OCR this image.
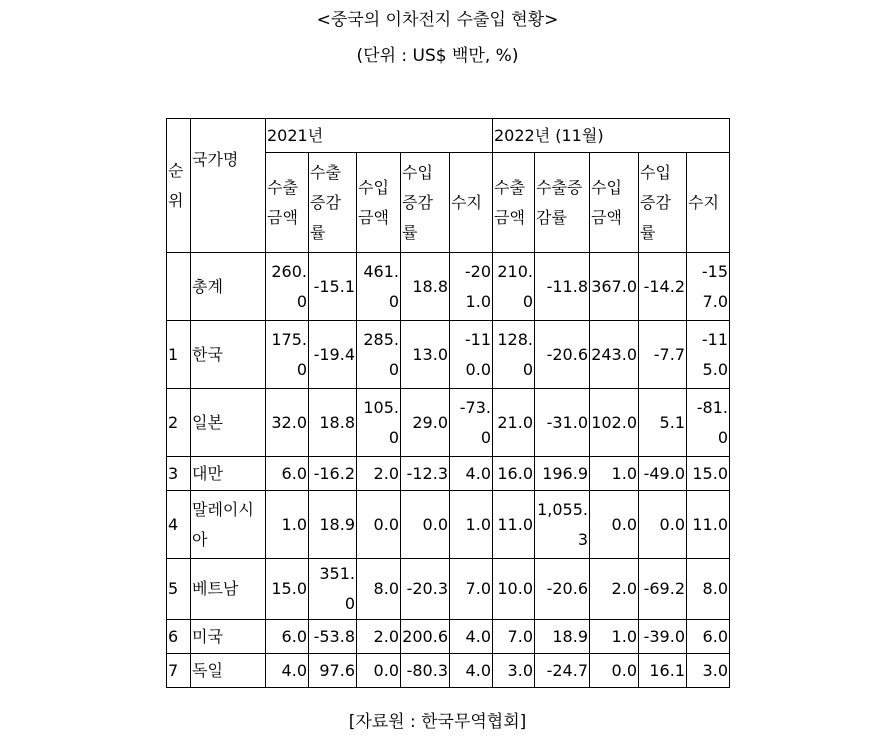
<중국의 이차전지 수출입 현황>
(단위 : US$ 백만, %)
순위	국가명	2021년					2022년 (11월)				
		수출금액	수출증감률	수입금액	수입증감률	수지	수출금액	수출증감률	수입금액	수입증감률	수지
	총계	260.0	-15.1	461.0	18.8	-201.0	210.0	-11.8	367.0	-14.2	-157.0
1	한국	175.0	-19.4	285.0	13.0	-110.0	128.0	-20.6	243.0	-7.7	-115.0
2	일본	32.0	18.8	105.0	29.0	-73.0	21.0	-31.0	102.0	5.1	-81.0
3	대만	6.0	-16.2	2.0	-12.3	4.0	16.0	196.9	1.0	-49.0	15.0
4	말레이시아	1.0	18.9	0.0	0.0	1.0	11.0	1,055.3	0.0	0.0	11.0
5	베트남	15.0	351.0	8.0	-20.3	7.0	10.0	-20.6	2.0	-69.2	8.0
6	미국	6.0	-53.8	2.0	200.6	4.0	7.0	18.9	1.0	-39.0	6.0
7	독일	4.0	97.6	0.0	-80.3	4.0	3.0	-24.7	0.0	16.1	3.0
[자료원 : 한국무역협회]
